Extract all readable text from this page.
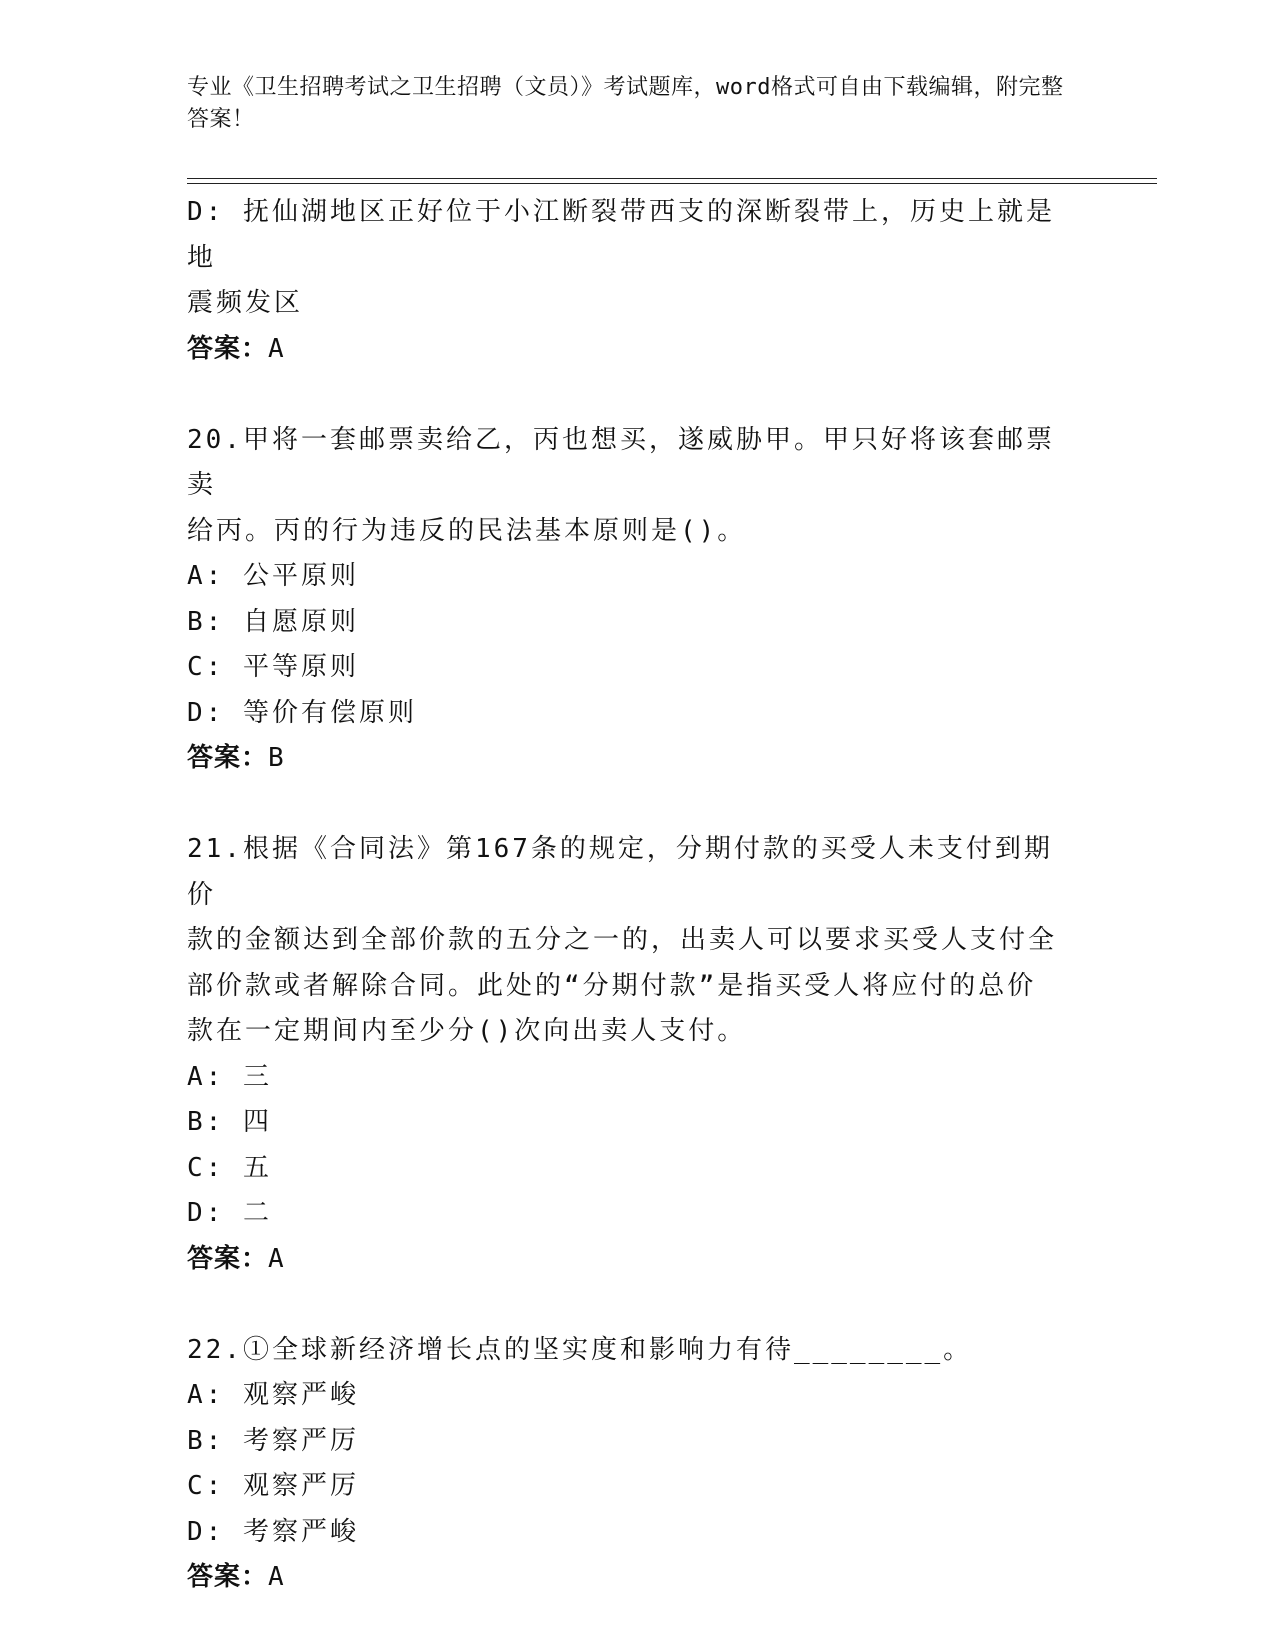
专业《卫生招聘考试之卫生招聘（文员）》考试题库，word格式可自由下载编辑，附完整答案！
D: 抚仙湖地区正好位于小江断裂带西支的深断裂带上，历史上就是地
震频发区
答案：A
20.甲将一套邮票卖给乙，丙也想买，遂威胁甲。甲只好将该套邮票卖
给丙。丙的行为违反的民法基本原则是()。
A: 公平原则
B: 自愿原则
C: 平等原则
D: 等价有偿原则
答案：B
21.根据《合同法》第167条的规定，分期付款的买受人未支付到期价
款的金额达到全部价款的五分之一的，出卖人可以要求买受人支付全
部价款或者解除合同。此处的“分期付款”是指买受人将应付的总价
款在一定期间内至少分()次向出卖人支付。
A: 三
B: 四
C: 五
D: 二
答案：A
22.①全球新经济增长点的坚实度和影响力有待________。
A: 观察严峻
B: 考察严厉
C: 观察严厉
D: 考察严峻
答案：A
